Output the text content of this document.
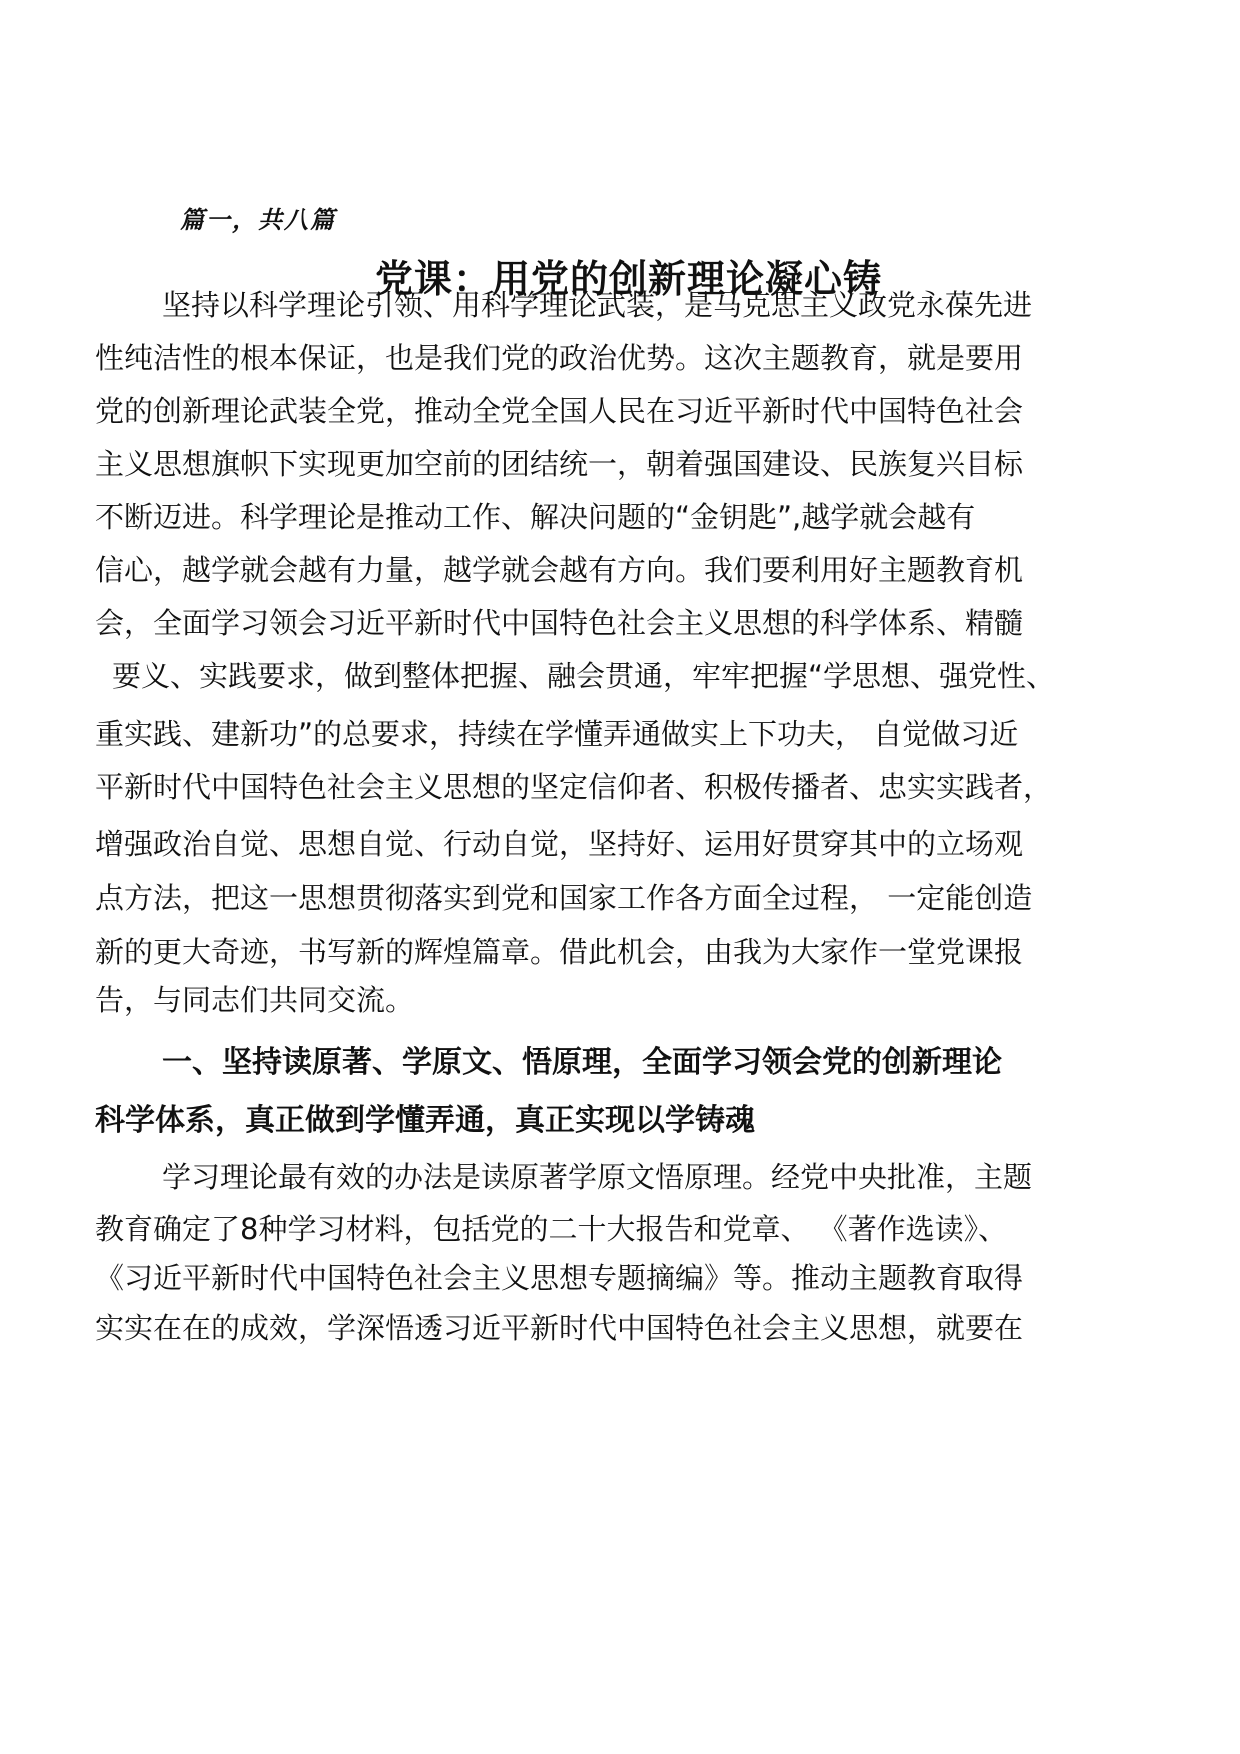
篇一，共八篇
党课：用党的创新理论凝心铸
坚持以科学理论引领、用科学理论武装，是马克思主义政党永葆先进
性纯洁性的根本保证，也是我们党的政治优势。这次主题教育，就是要用
党的创新理论武装全党，推动全党全国人民在习近平新时代中国特色社会
主义思想旗帜下实现更加空前的团结统一，朝着强国建设、民族复兴目标
不断迈进。科学理论是推动工作、解决问题的“金钥匙”,越学就会越有
信心，越学就会越有力量，越学就会越有方向。我们要利用好主题教育机
会，全面学习领会习近平新时代中国特色社会主义思想的科学体系、精髓
要义、实践要求，做到整体把握、融会贯通，牢牢把握“学思想、强党性、
重实践、建新功”的总要求，持续在学懂弄通做实上下功夫， 自觉做习近
平新时代中国特色社会主义思想的坚定信仰者、积极传播者、忠实实践者，
增强政治自觉、思想自觉、行动自觉，坚持好、运用好贯穿其中的立场观
点方法，把这一思想贯彻落实到党和国家工作各方面全过程， 一定能创造
新的更大奇迹，书写新的辉煌篇章。借此机会，由我为大家作一堂党课报
告，与同志们共同交流。
一、坚持读原著、学原文、悟原理，全面学习领会党的创新理论
科学体系，真正做到学懂弄通，真正实现以学铸魂
学习理论最有效的办法是读原著学原文悟原理。经党中央批准，主题
教育确定了8种学习材料，包括党的二十大报告和党章、 《著作选读》、
《习近平新时代中国特色社会主义思想专题摘编》等。推动主题教育取得
实实在在的成效，学深悟透习近平新时代中国特色社会主义思想，就要在
